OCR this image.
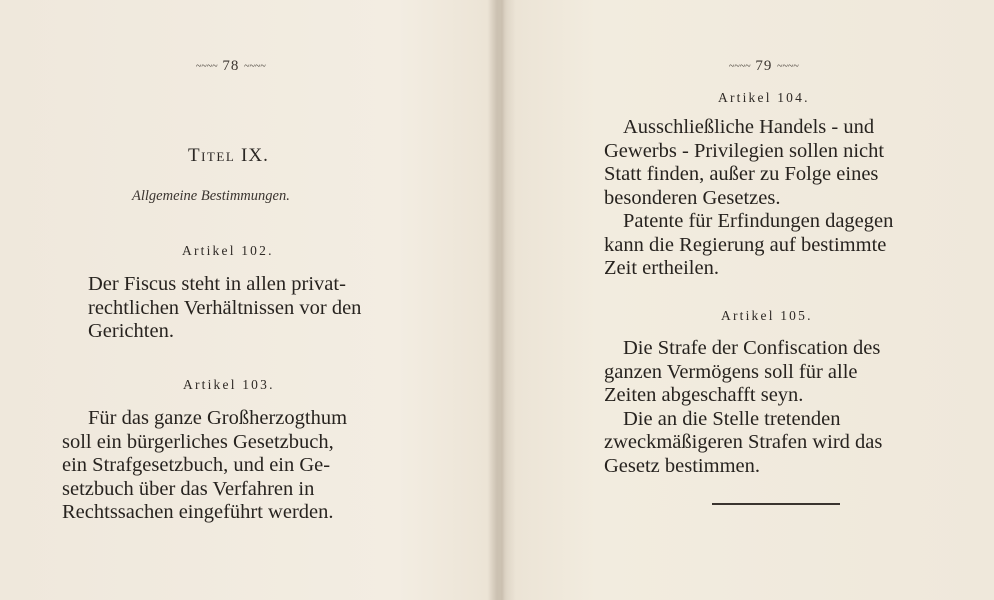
~~~~ 78 ~~~~
Titel IX.
Allgemeine Bestimmungen.
Artikel 102.
Der Fiscus steht in allen privat-
rechtlichen Verhältnissen vor den
Gerichten.
Artikel 103.
Für das ganze Großherzogthum
soll ein bürgerliches Gesetzbuch,
ein Strafgesetzbuch, und ein Ge-
setzbuch über das Verfahren in
Rechtssachen eingeführt werden.
~~~~ 79 ~~~~
Artikel 104.
Ausschließliche Handels - und
Gewerbs - Privilegien sollen nicht
Statt finden, außer zu Folge eines
besonderen Gesetzes.
Patente für Erfindungen dagegen
kann die Regierung auf bestimmte
Zeit ertheilen.
Artikel 105.
Die Strafe der Confiscation des
ganzen Vermögens soll für alle
Zeiten abgeschafft seyn.
Die an die Stelle tretenden
zweckmäßigeren Strafen wird das
Gesetz bestimmen.
